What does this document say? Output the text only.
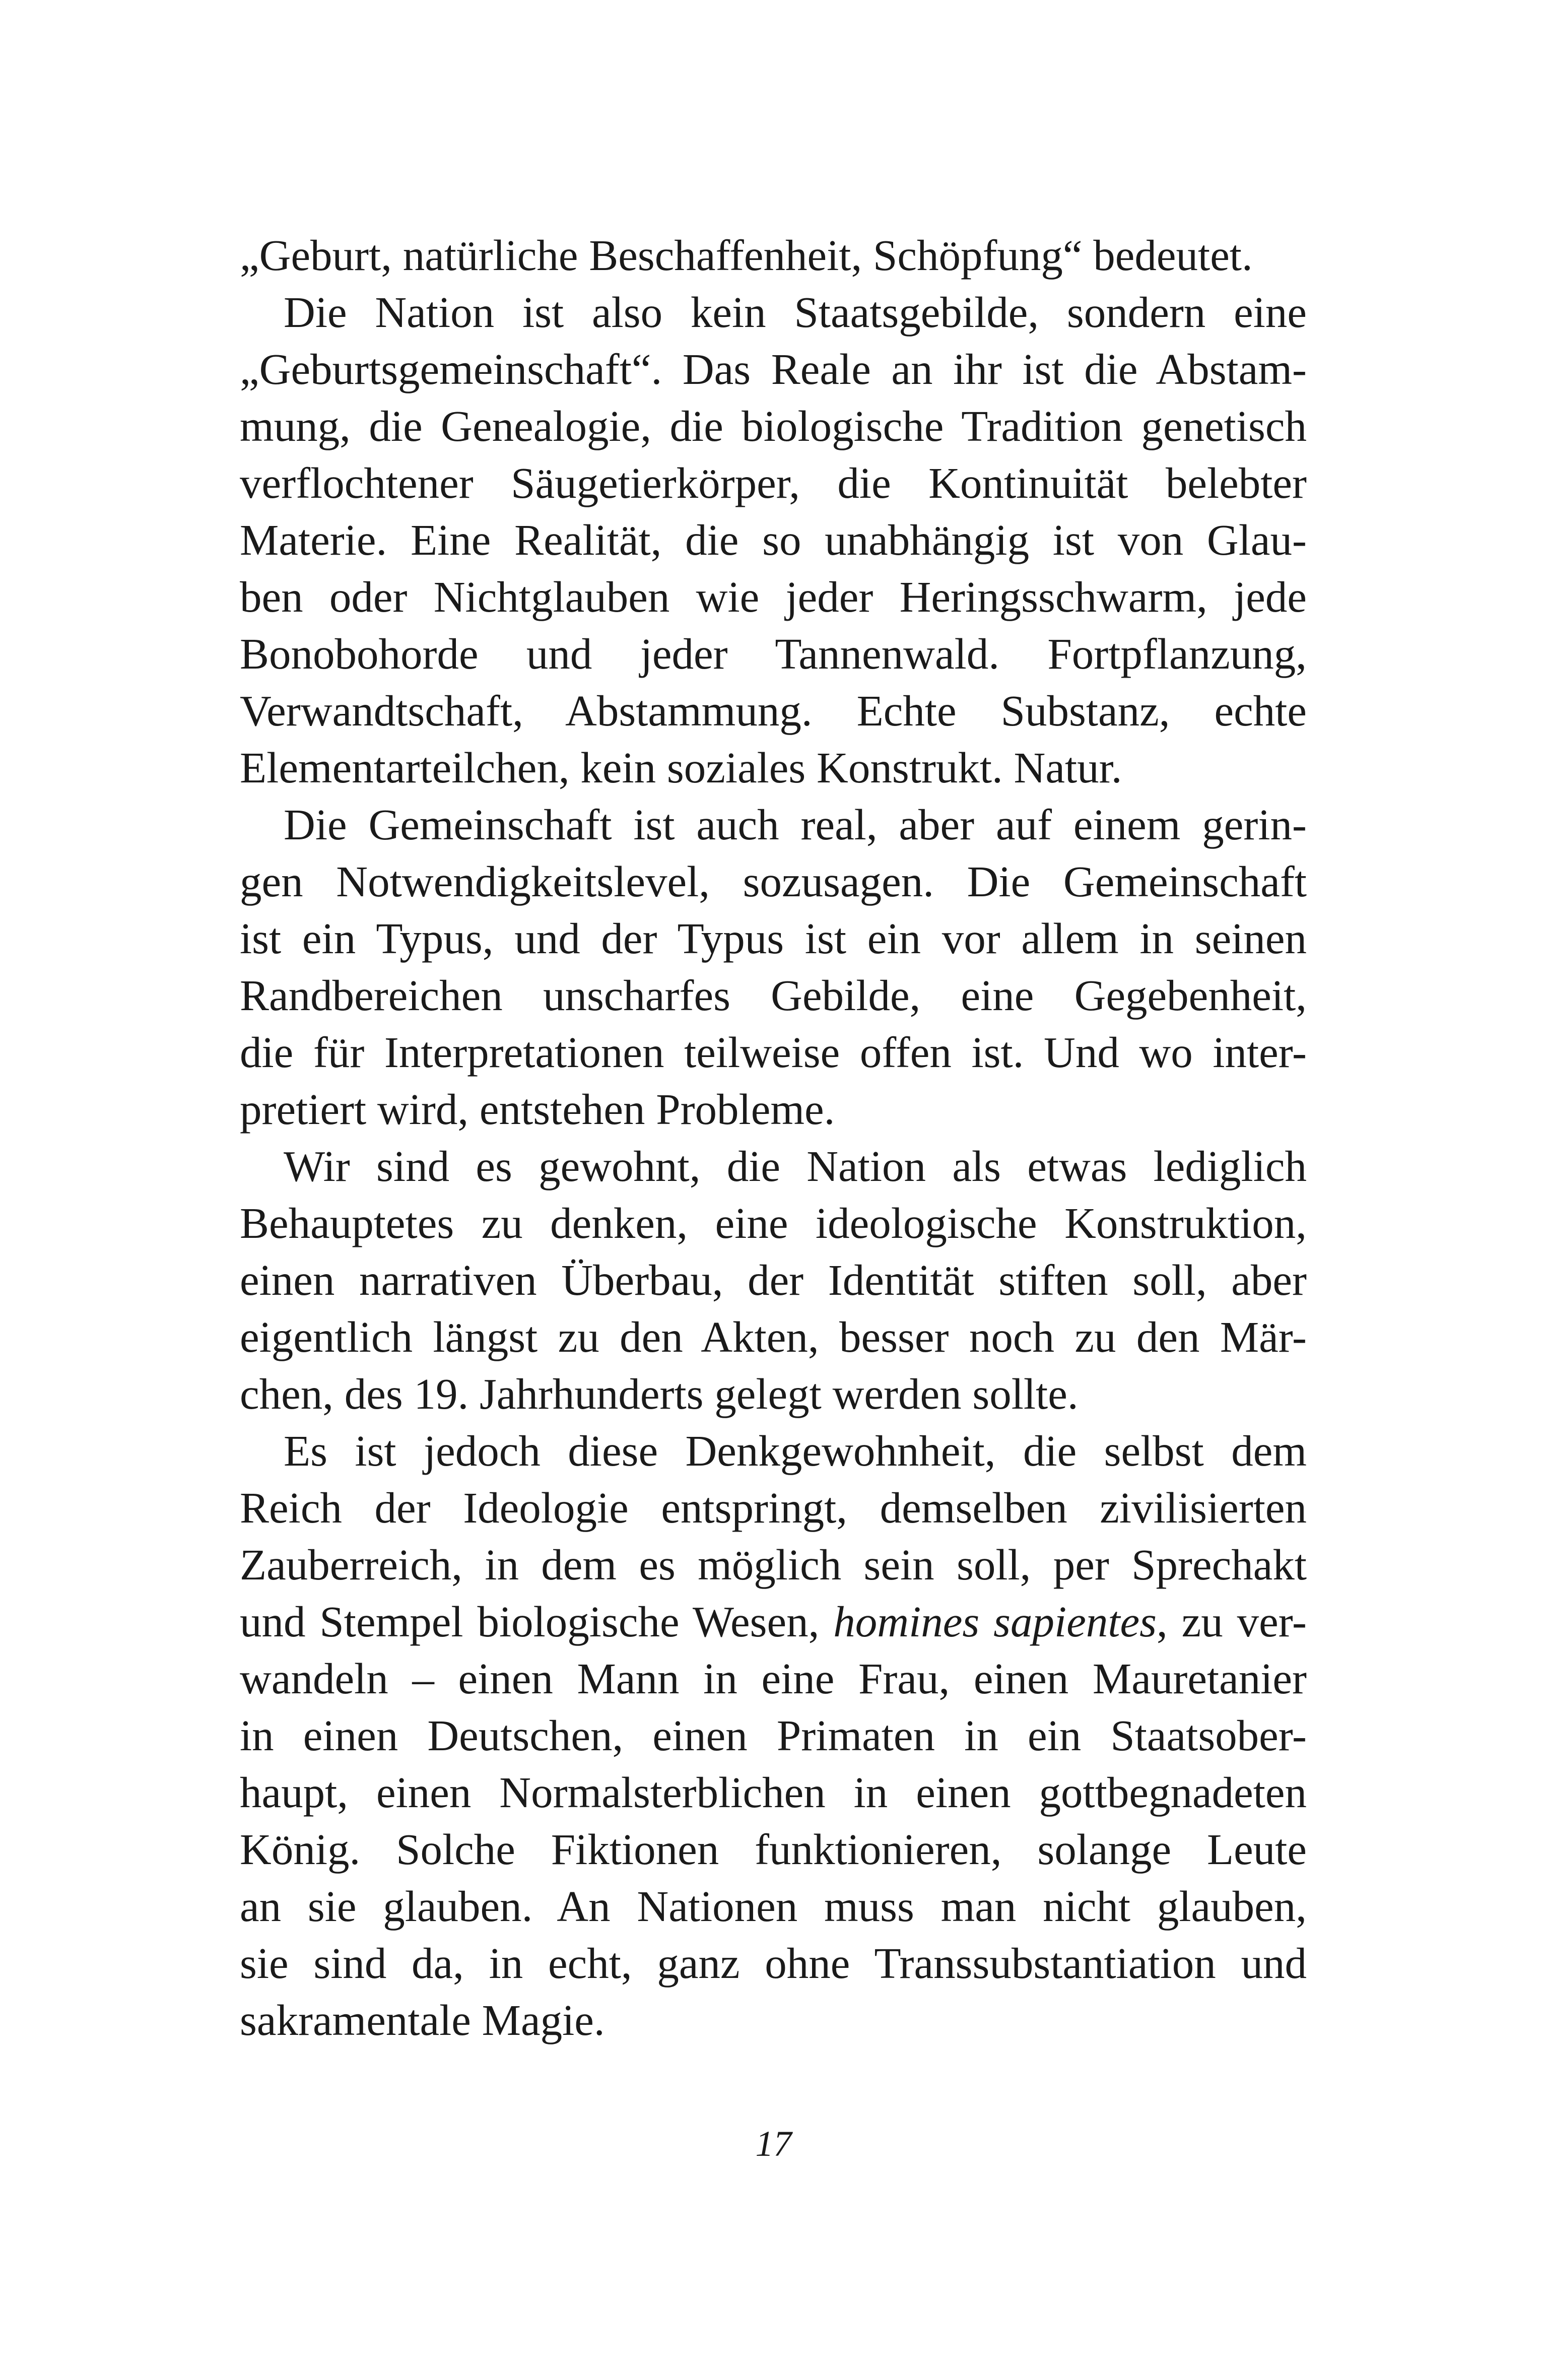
„Geburt, natürliche Beschaffenheit, Schöpfung“ bedeutet.
Die Nation ist also kein Staatsgebilde, sondern eine
„Geburtsgemeinschaft“. Das Reale an ihr ist die Abstam-
mung, die Genealogie, die biologische Tradition genetisch
verflochtener Säugetierkörper, die Kontinuität belebter
Materie. Eine Realität, die so unabhängig ist von Glau-
ben oder Nichtglauben wie jeder Heringsschwarm, jede
Bonobohorde und jeder Tannenwald. Fortpflanzung,
Verwandtschaft, Abstammung. Echte Substanz, echte
Elementarteilchen, kein soziales Konstrukt. Natur.
Die Gemeinschaft ist auch real, aber auf einem gerin-
gen Notwendigkeitslevel, sozusagen. Die Gemeinschaft
ist ein Typus, und der Typus ist ein vor allem in seinen
Randbereichen unscharfes Gebilde, eine Gegebenheit,
die für Interpretationen teilweise offen ist. Und wo inter-
pretiert wird, entstehen Probleme.
Wir sind es gewohnt, die Nation als etwas lediglich
Behauptetes zu denken, eine ideologische Konstruktion,
einen narrativen Überbau, der Identität stiften soll, aber
eigentlich längst zu den Akten, besser noch zu den Mär-
chen, des 19. Jahrhunderts gelegt werden sollte.
Es ist jedoch diese Denkgewohnheit, die selbst dem
Reich der Ideologie entspringt, demselben zivilisierten
Zauberreich, in dem es möglich sein soll, per Sprechakt
und Stempel biologische Wesen, homines sapientes, zu ver-
wandeln – einen Mann in eine Frau, einen Mauretanier
in einen Deutschen, einen Primaten in ein Staatsober-
haupt, einen Normalsterblichen in einen gottbegnadeten
König. Solche Fiktionen funktionieren, solange Leute
an sie glauben. An Nationen muss man nicht glauben,
sie sind da, in echt, ganz ohne Transsubstantiation und
sakramentale Magie.
17
